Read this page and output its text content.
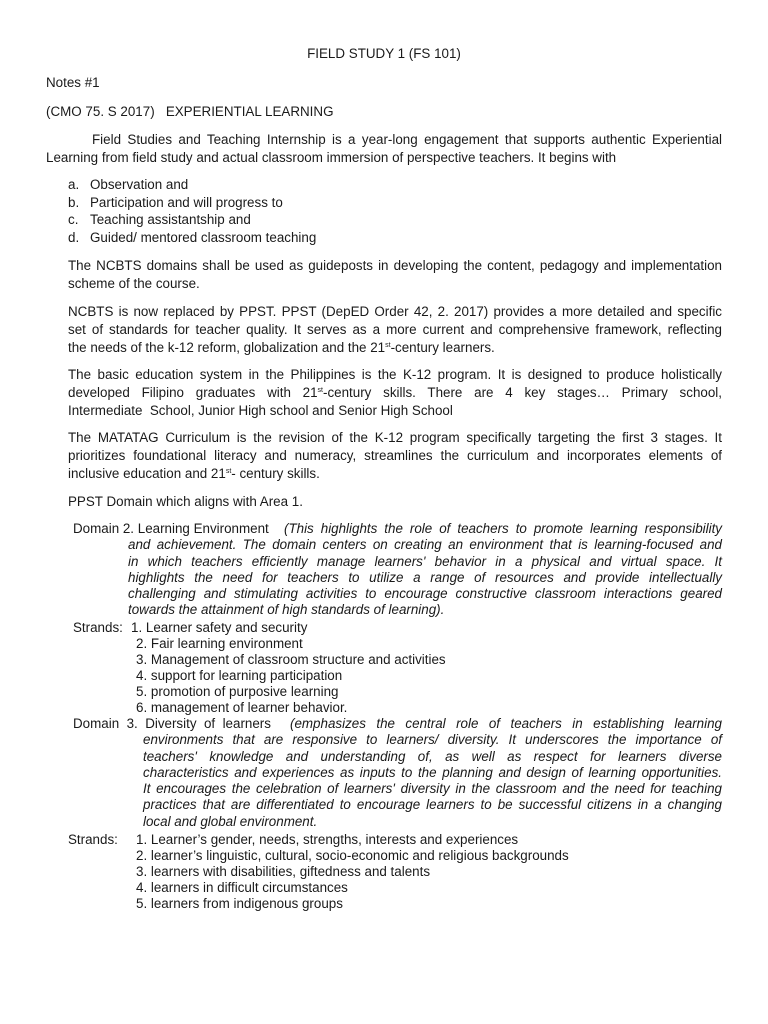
FIELD STUDY 1 (FS 101)
Notes #1
(CMO 75. S 2017)   EXPERIENTIAL LEARNING
Field Studies and Teaching Internship is a year-long engagement that supports authentic Experiential
Learning from field study and actual classroom immersion of perspective teachers. It begins with
a. Observation and
b. Participation and will progress to
c. Teaching assistantship and
d. Guided/ mentored classroom teaching
The NCBTS domains shall be used as guideposts in developing the content, pedagogy and implementation
scheme of the course.
NCBTS is now replaced by PPST. PPST (DepED Order 42, 2. 2017) provides a more detailed and specific
set of standards for teacher quality. It serves as a more current and comprehensive framework, reflecting
the needs of the k-12 reform, globalization and the 21st-century learners.
The basic education system in the Philippines is the K-12 program. It is designed to produce holistically
developed Filipino graduates with 21st-century skills. There are 4 key stages… Primary school,
Intermediate  School, Junior High school and Senior High School
The MATATAG Curriculum is the revision of the K-12 program specifically targeting the first 3 stages. It
prioritizes foundational literacy and numeracy, streamlines the curriculum and incorporates elements of
inclusive education and 21st- century skills.
PPST Domain which aligns with Area 1.
Domain 2. Learning Environment (This highlights the role of teachers to promote learning responsibility
and achievement. The domain centers on creating an environment that is learning-focused and
in which teachers efficiently manage learners' behavior in a physical and virtual space. It
highlights the need for teachers to utilize a range of resources and provide intellectually
challenging and stimulating activities to encourage constructive classroom interactions geared
towards the attainment of high standards of learning).
Strands: 1. Learner safety and security
2. Fair learning environment
3. Management of classroom structure and activities
4. support for learning participation
5. promotion of purposive learning
6. management of learner behavior.
Domain  3.  Diversity  of  learners (emphasizes the central role of teachers in establishing learning
environments that are responsive to learners/ diversity. It underscores the importance of
teachers' knowledge and understanding of, as well as respect for learners diverse
characteristics and experiences as inputs to the planning and design of learning opportunities.
It encourages the celebration of learners' diversity in the classroom and the need for teaching
practices that are differentiated to encourage learners to be successful citizens in a changing
local and global environment.
Strands: 1. Learner’s gender, needs, strengths, interests and experiences
2. learner’s linguistic, cultural, socio-economic and religious backgrounds
3. learners with disabilities, giftedness and talents
4. learners in difficult circumstances
5. learners from indigenous groups
